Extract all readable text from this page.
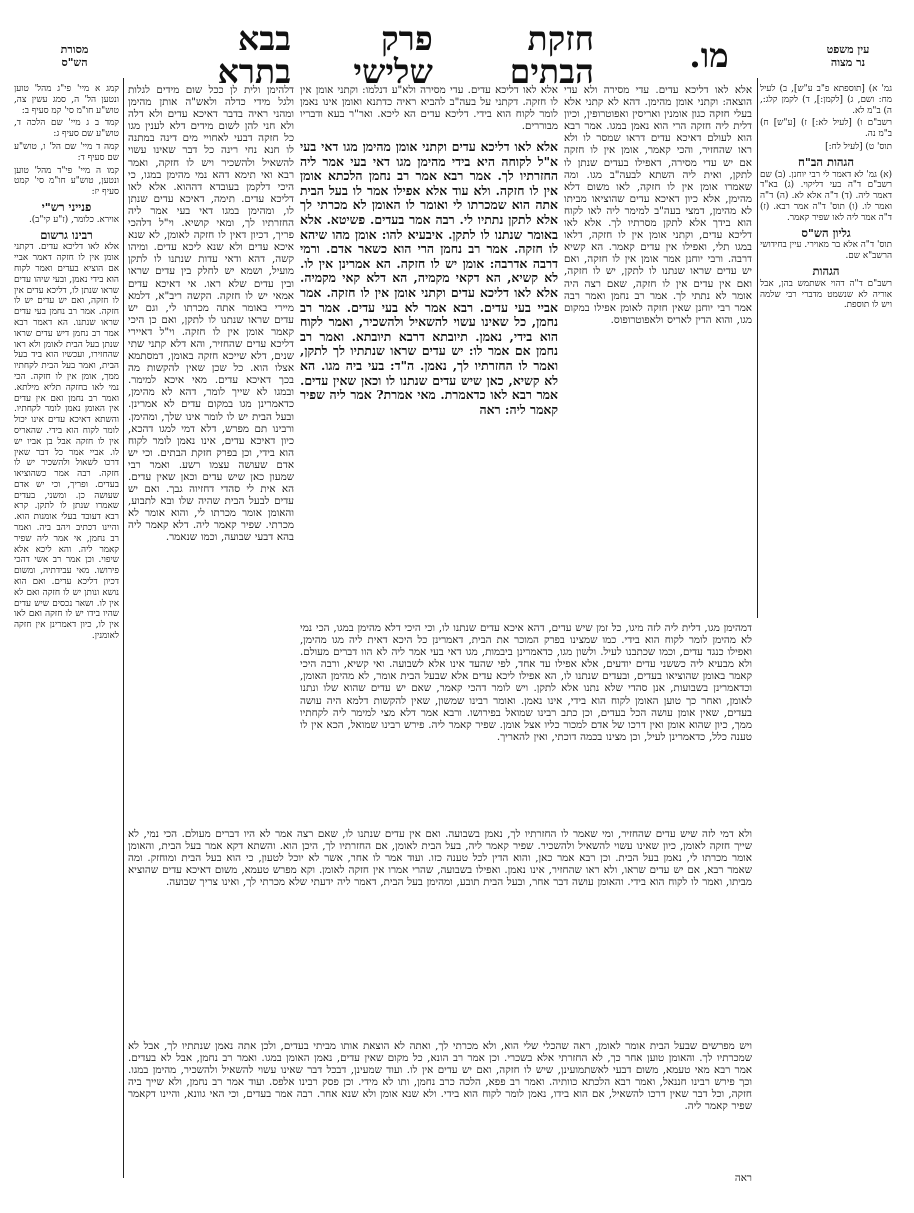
מסורת
הש"ס
חזקת הבתים
פרק שלישי
בבא בתרא	מו.	עין משפט
נר מצוה
גמ' א) [תוספתא פ"ב ע"ש], ב) לעיל מח: ושם, ג) [לקמן:], ד) לקמן קלג:, ה) ב"מ לא.
רשב"ם ו) [לעיל לא:] ז) [ע"ש] ח) ב"מ נה.
תוס' ט) [לעיל לח:]
הגהות הב"ח
(א) גמ' לא דאמר לי רבי יוחנן. (ב) שם רשב"ם ד"ה בעי דליקוי. (ג) בא"ד דאמר ליה. (ד) ד"ה אלא לא. (ה) ד"ה ואמר לו. (ו) תוס' ד"ה אמר רבא. (ז) ד"ה אמר ליה לאו שפיר קאמר.
גליון הש"ס
תוס' ד"ה אלא בר מאוירי. עיין בחידושי הרשב"א שם.
הגהות
רשב"ם ד"ה דהוי אשתמש בהן, אבל אוריה לא שנשמט מדברי רבי שלמה ויש לו תוספת.
קמג א מיי' פי"ג מהל' טוען ונטען הל' ה, סמג עשין צה, טוש"ע חו"מ סי' קמ סעיף ב:
קמד ב ג מיי' שם הלכה ד, טוש"ע שם סעיף ג:
קמה ד מיי' שם הל' ו, טוש"ע שם סעיף ד:
קמו ה מיי' פי"ד מהל' טוען ונטען, טוש"ע חו"מ סי' קמט סעיף יז:
פנייני רש"י
אוירא. כלומר, (ז"ע קי"ב).
רבינו גרשום
אלא לאו דליכא עדים. דקתני אומן אין לו חזקה דאמר אביי אם הוציא בעדים ואמר לקוח הוא בידי נאמן, ובעי שיהו עדים שראו שנתן לו, דליכא עדים אין לו חזקה, ואם יש עדים יש לו חזקה. אמר רב נחמן בעי עדים שראו שנתנו. הא דאמר רבא אמר רב נחמן דיש עדים שראו שנתן בעל הבית לאומן ולא ראו שהחזירו, ועכשיו הוא ביד בעל הבית, ואמר בעל הבית לקחתיו ממך, אומן אין לו חזקה. הכי נמי לאו בחזקה תליא מילתא. ואמר רב נחמן ואם אין עדים אין האומן נאמן לומר לקחתיו. והשתא דאיכא עדים אינו יכול לומר לקוח הוא בידי. שהאריס אין לו חזקה אבל בן אביו יש לו. אביי אמר כל דבר שאין דרכו לשאול ולהשכיר יש לו חזקה. רבה אמר כשהוציאו בעדים. ופריך, וכי יש אדם שעושה כן. ומשני, בעדים שאמרו שנתן לו לתקן. קרא רבא דעובד בעלי אומנות הוא. והיינו דכתיב ויהב ביה. ואמר רב נחמן, אי אמר ליה שפיר קאמר ליה. והא ליכא אלא שיפוי. וכן אמר רב אשי דהכי פירושו. מאי עבידתיה, ומשום דכיון דליכא עדים. ואם הוא נושא ונותן יש לו חזקה ואם לא אין לו. ושאר נכסים שיש עדים שהיו בידו יש לו חזקה ואם לאו אין לו, כיון דאמרינן אין חזקה לאומנין.
אלא לאו דליכא עדים. עדי מסירה ולא עדי הוצאה: וקתני אומן מהימן. דהא לא קתני אלא בעלי חזקה כגון אומנין ואריסין ואפוטרופין, וכיון דלית ליה חזקה הרי הוא נאמן במגו. אמר רבא הוא לעולם דאיכא עדים דראו שמסר לו ולא ראו שהחזיר, והכי קאמר, אומן אין לו חזקה אם יש עדי מסירה, דאפילו בעדים שנתן לו לתקן, ואית ליה השתא לבעה"ב מגו. ומה שאמרו אומן אין לו חזקה, לאו משום דלא מהימן, אלא כיון דאיכא עדים שהוציאו מביתו לא מהימן, דמצי בעה"ב למימר ליה לאו לקוח הוא בידך אלא לתקן מסרתיו לך. אלא לאו דליכא עדים, וקתני אומן אין לו חזקה, דלאו במגו תלי, ואפילו אין עדים קאמר. הא קשיא דרבה. ורבי יוחנן אמר אומן אין לו חזקה, ואם יש עדים שראו שנתנו לו לתקן, יש לו חזקה, ואם אין עדים אין לו חזקה, שאם רצה היה אומר לא נתתי לך. אמר רב נחמן ואמר רבה אמר רבי יוחנן שאין חזקה לאומן אפילו במקום מגו, והוא הדין לאריס ולאפוטרופוס.
אלא לאו דליכא עדים. עדי מסירה ולא"ע דנלמו: וקתני אומן אין לו חזקה. דקתני על בעה"ב להביא ראיה כדתנא ואומן אינו נאמן לומר לקוח הוא בידי. דליכא עדים הא ליכא. ואר"ר בעא ודבריו מבוררים.
אלא לאו דליכא עדים וקתני אומן מהימן מגו דאי בעי א"ל לקוחה היא בידי מהימן מגו דאי בעי אמר ליה החזרתיו לך. אמר רבא אמר רב נחמן הלכתא אומן אין לו חזקה. ולא עוד אלא אפילו אמר לו בעל הבית אתה הוא שמכרתו לי ואומר לו האומן לא מכרתי לך אלא לתקן נתתיו לי. רבה אמר בעדים. פשיטא. אלא באומר שנתנו לו לתקן. איבעיא להו: אומן מהו שיהא לו חזקה. אמר רב נחמן הרי הוא כשאר אדם. ורמי דרבה אדרבה: אומן יש לו חזקה. הא אמרינן אין לו. לא קשיא, הא דקאי מקמיה, הא דלא קאי מקמיה. אלא לאו דליכא עדים וקתני אומן אין לו חזקה. אמר אביי בעי עדים. רבא אמר לא בעי עדים. אמר רב נחמן, כל שאינו עשוי להשאיל ולהשכיר, ואמר לקוח הוא בידי, נאמן. תיובתא דרבא תיובתא. ואמר רב נחמן אם אמר לו: יש עדים שראו שנתתיו לך לתקן, ואמר לו החזרתיו לך, נאמן. ה"ד: בעי ביה מגו. הא לא קשיא, כאן שיש עדים שנתנו לו וכאן שאין עדים. אמר רבא לאו כדאמרת. מאי אמרת? אמר ליה שפיר קאמר ליה: ראה
דלהימן ולית לן ככל שום מידים לגלות ולגל מידי כדלה ולאש"ה אותן מהימן ומהני ראיה בדבר דאיכא עדים ולא דלה ולא חני להן לשום מידים דלא לענין מגו כל חזקה דבעי לאחויי מים דינה במתנה לו חנא נחי רינה כל דבר שאינו עשוי להשאיל ולהשכיר ויש לו חזקה, ואמר רבא ואי תימא דהא נמי מהימן במגו, כי היכי דלקמן בעובדא דההוא. אלא לאו דליכא עדים. תימה, דאיכא עדים שנתן לו, ומהימן במגו דאי בעי אמר ליה החזרתיו לך, ומאי קושיא. וי"ל דלהכי פריך, דכיון דאין לו חזקה לאומן, לא שנא איכא עדים ולא שנא ליכא עדים. ומיהו קשה, דהא ודאי עדות שנתנו לו לתקן מועיל, ושמא יש לחלק בין עדים שראו ובין עדים שלא ראו. אי דאיכא עדים אמאי יש לו חזקה. הקשה ריב"א, דלמא מיירי באומר אתה מכרתו לי, וגם יש עדים שראו שנתנו לו לתקן, ואם כן היכי קאמר אומן אין לו חזקה. וי"ל דאיירי דליכא עדים שהחזיר, והא דלא קתני שתי שנים, דלא שייכא חזקה באומן, דמסתמא אצלו הוא. כל שכן שאין להקשות מה בכך דאיכא עדים. מאי איכא למימר. ובמגו לא שייך לומר, דהא לא מהימן, כדאמרינן מגו במקום עדים לא אמרינן. ובעל הבית יש לו לומר אינו שלך, ומהימן. ורבינו תם מפרש, דלא דמי למגו דהכא, כיון דאיכא עדים, אינו נאמן לומר לקוח הוא בידי, וכן בפרק חזקת הבתים. וכי יש אדם שעושה עצמו רשע. ואמר רבי שמעון כאן שיש עדים וכאן שאין עדים. הא אית לי סהדי דחזיוה גבך. ואם יש עדים לבעל הבית שהיה שלו ובא לתבוע, והאומן אומר מכרתו לי, והוא אומר לא מכרתי. שפיר קאמר ליה. דלא קאמר ליה בהא דבעי שבועה, וכמו שנאמר.
דמהימן מגו, דלית ליה לזה מיגו, כל זמן שיש עדים, דהא איכא עדים שנתנו לו, וכי היכי דלא מהימן במגו, הכי נמי לא מהימן לומר לקוח הוא בידי. כמו שמצינו בפרק המוכר את הבית, דאמרינן כל היכא דאית ליה מגו מהימן, ואפילו כנגד עדים, וכמו שכתבנו לעיל. ולשון מגו, כדאמרינן ביבמות, מגו דאי בעי אמר ליה לא הוו דברים מעולם. ולא מבעיא ליה כששני עדים יודעים, אלא אפילו עד אחד, לפי שהעד אינו אלא לשבועה. ואי קשיא, ורבה היכי קאמר באומן שהוציאו בעדים, ובעדים שנתנו לו, הא אפילו ליכא עדים אלא שבעל הבית אומר, לא מהימן האומן, וכדאמרינן בשבועות, אנן סהדי שלא נתנו אלא לתקן. ויש לומר דהכי קאמר, שאם יש עדים שהוא שלו ונתנו לאומן, ואחר כך טוען האומן לקוח הוא בידי, אינו נאמן. ואומר רבינו שמשון, שאין להקשות דלמא היה עושה בעדים, שאין אומן עושה הכל בעדים, וכן כתב רבינו שמואל בפירושו. ורבא אמר דלא מצי למימר ליה לקחתיו ממך, כיון שהוא אומן ואין דרכו של אדם למכור כליו אצל אומן. שפיר קאמר ליה. פירש רבינו שמואל, הכא אין לו טענה כלל, כדאמרינן לעיל, וכן מצינו בכמה דוכתי, ואין להאריך.
ולא דמי לזה שיש עדים שהחזיר, ומי שאמר לו החזרתיו לך, נאמן בשבועה. ואם אין עדים שנתנו לו, שאם רצה אמר לא היו דברים מעולם. הכי נמי, לא שייך חזקה לאומן, כיון שאינו עשוי להשאיל ולהשכיר. שפיר קאמר ליה, בעל הבית לאומן, אם החזרתיו לך, היכן הוא. והשתא דקא אמר בעל הבית, והאומן אומר מכרתו לי, נאמן בעל הבית. וכן רבא אמר כאן, והוא הדין לכל טענה כזו. ועוד אמר לו אחר, אשר לא יוכל לטעון, כי הוא בעל הבית ומוחזק. ומה שאמר רבא, אם יש עדים שראו, ולא ראו שהחזיר, אינו נאמן. ואפילו בשבועה, שהרי אמרו אין חזקה לאומן. וקא מפרש טעמא, משום דאיכא עדים שהוציא מביתו, ואמר לו לקוח הוא בידי. והאומן עושה דבר אחר, ובעל הבית תובע, ומהימן בעל הבית, דאמר ליה ידעתי שלא מכרתי לך, ואינו צריך שבועה.
ויש מפרשים שבעל הבית אומר לאומן, ראה שהכלי שלי הוא, ולא מכרתי לך, ואתה לא הוצאת אותו מביתי בעדים, ולכן אתה נאמן שנתתיו לך, אבל לא שמכרתיו לך. והאומן טוען אחר כך, לא החזרתי אלא בשכרי. וכן אמר רב הונא, כל מקום שאין עדים, נאמן האומן במגו. ואמר רב נחמן, אבל לא בעדים. אמר רבא מאי טעמא, משום דבעי לאשתמועינן, שיש לו חזקה, ואם יש עדים אין לו. ועוד שמעינן, דבכל דבר שאינו עשוי להשאיל ולהשכיר, מהימן במגו. וכך פירש רבינו חננאל, ואמר רבא הלכתא כוותיה. ואמר רב פפא, הלכה כרב נחמן, ותו לא מידי. וכן פסק רבינו אלפס. ועוד אמר רב נחמן, ולא שייך ביה חזקה, וכל דבר שאין דרכו להשאיל, אם הוא בידו, נאמן לומר לקוח הוא בידי. ולא שנא אומן ולא שנא אחר. רבה אמר בעדים, וכי האי גוונא, והיינו דקאמר שפיר קאמר ליה.
ראה
